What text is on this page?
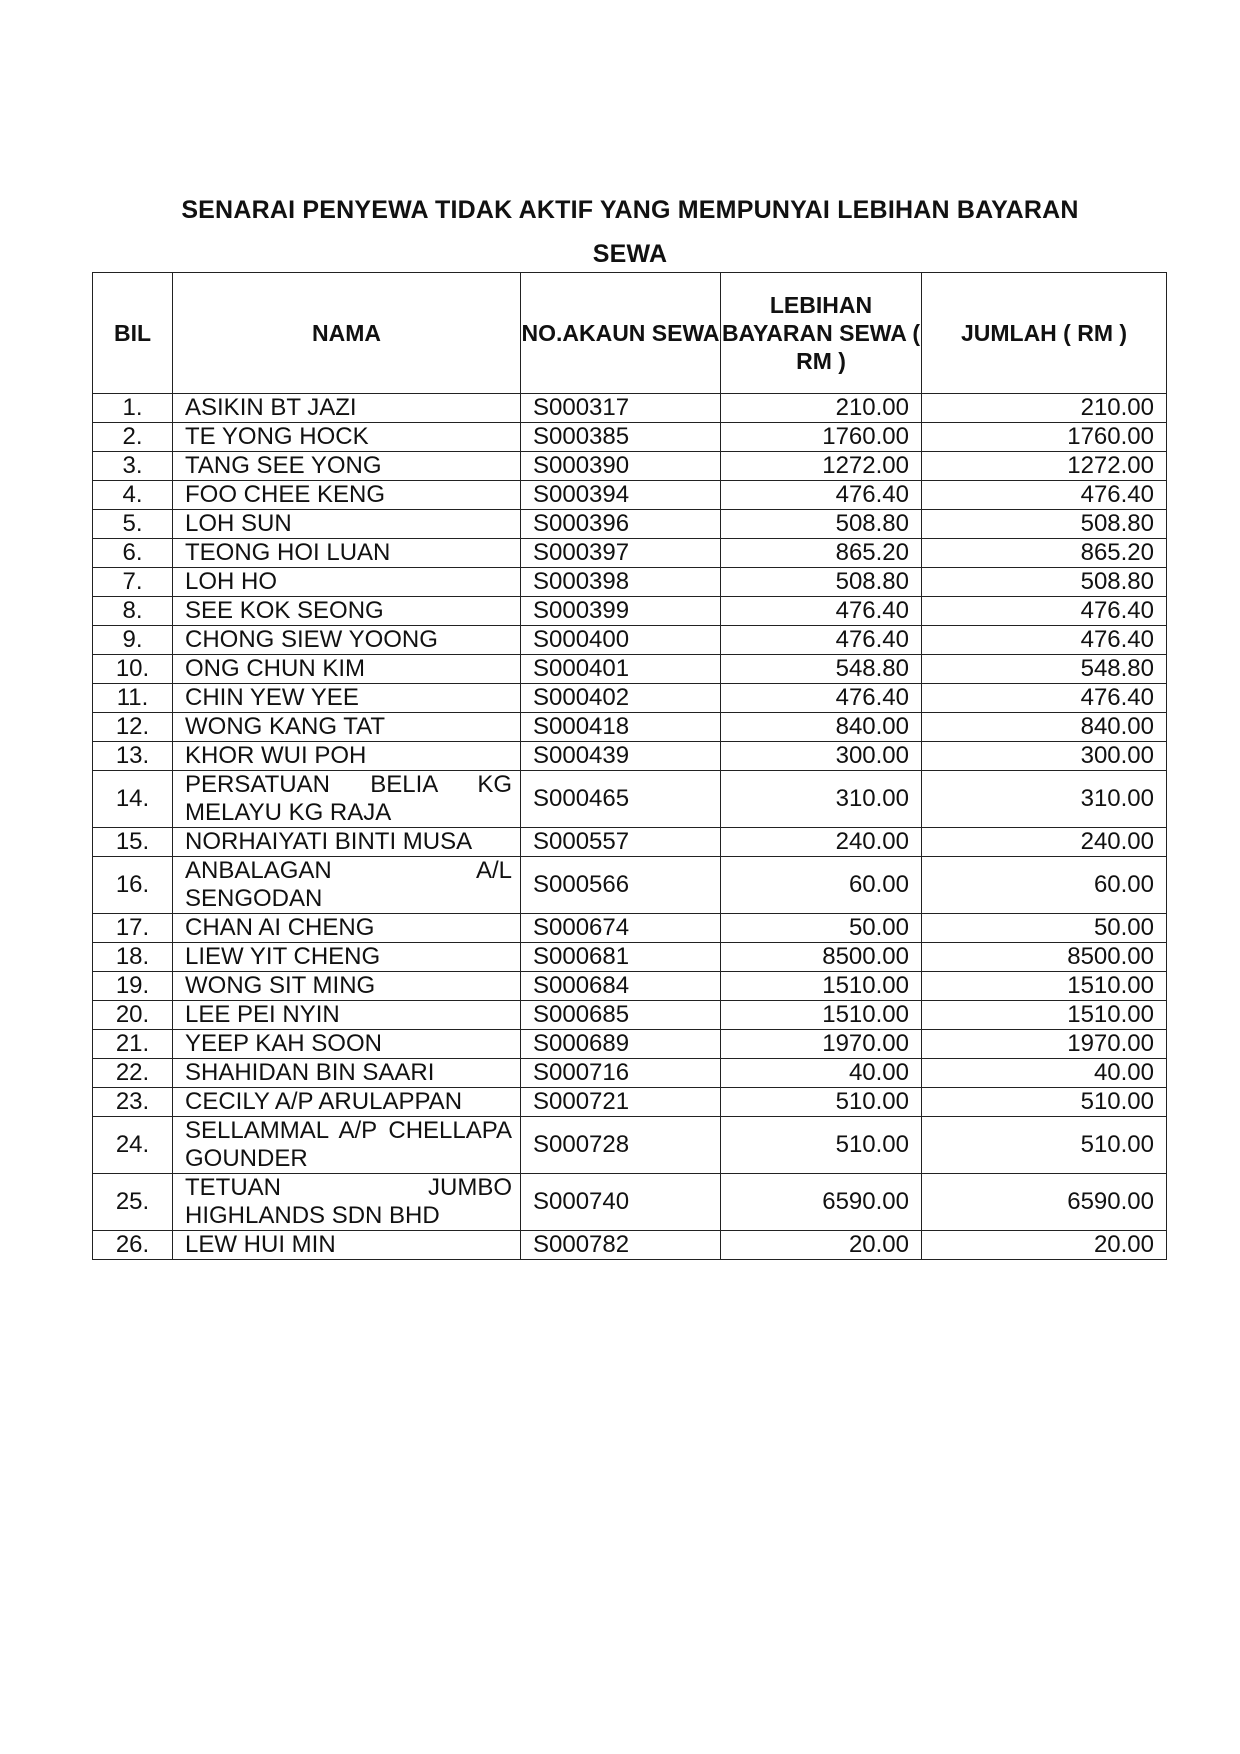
SENARAI PENYEWA TIDAK AKTIF YANG MEMPUNYAI LEBIHAN BAYARAN
SEWA
BIL	NAMA	NO.AKAUN SEWA	LEBIHAN BAYARAN SEWA ( RM )	JUMLAH ( RM )
1.	ASIKIN BT JAZI	S000317	210.00	210.00
2.	TE YONG HOCK	S000385	1760.00	1760.00
3.	TANG SEE YONG	S000390	1272.00	1272.00
4.	FOO CHEE KENG	S000394	476.40	476.40
5.	LOH SUN	S000396	508.80	508.80
6.	TEONG HOI LUAN	S000397	865.20	865.20
7.	LOH HO	S000398	508.80	508.80
8.	SEE KOK SEONG	S000399	476.40	476.40
9.	CHONG SIEW YOONG	S000400	476.40	476.40
10.	ONG CHUN KIM	S000401	548.80	548.80
11.	CHIN YEW YEE	S000402	476.40	476.40
12.	WONG KANG TAT	S000418	840.00	840.00
13.	KHOR WUI POH	S000439	300.00	300.00
14.	PERSATUAN BELIA KG MELAYU KG RAJA	S000465	310.00	310.00
15.	NORHAIYATI BINTI MUSA	S000557	240.00	240.00
16.	ANBALAGAN A/L SENGODAN	S000566	60.00	60.00
17.	CHAN AI CHENG	S000674	50.00	50.00
18.	LIEW YIT CHENG	S000681	8500.00	8500.00
19.	WONG SIT MING	S000684	1510.00	1510.00
20.	LEE PEI NYIN	S000685	1510.00	1510.00
21.	YEEP KAH SOON	S000689	1970.00	1970.00
22.	SHAHIDAN BIN SAARI	S000716	40.00	40.00
23.	CECILY A/P ARULAPPAN	S000721	510.00	510.00
24.	SELLAMMAL A/P CHELLAPA GOUNDER	S000728	510.00	510.00
25.	TETUAN JUMBO HIGHLANDS SDN BHD	S000740	6590.00	6590.00
26.	LEW HUI MIN	S000782	20.00	20.00
